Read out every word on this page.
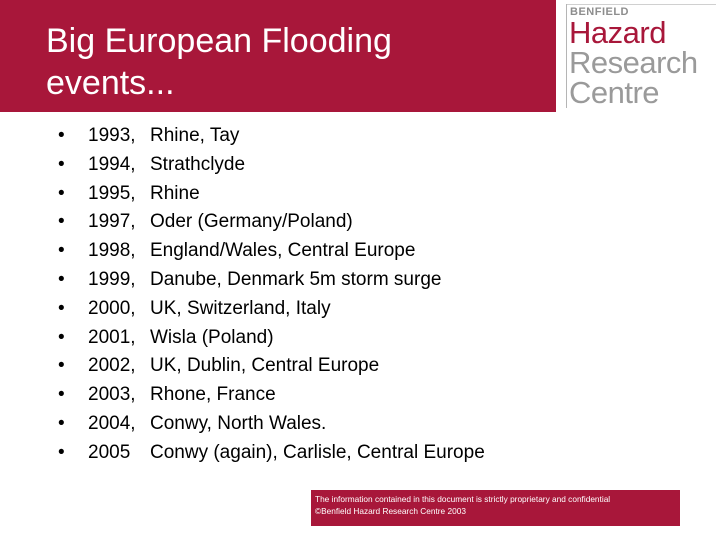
Big European Flooding events...
BENFIELD
Hazard
Research
Centre
• 1993, Rhine, Tay
• 1994, Strathclyde
• 1995, Rhine
• 1997, Oder (Germany/Poland)
• 1998, England/Wales, Central Europe
• 1999, Danube, Denmark 5m storm surge
• 2000, UK, Switzerland, Italy
• 2001, Wisla (Poland)
• 2002, UK, Dublin, Central Europe
• 2003, Rhone, France
• 2004, Conwy, North Wales.
• 2005 Conwy (again), Carlisle, Central Europe
The information contained in this document is strictly proprietary and confidential
©Benfield Hazard Research Centre 2003
